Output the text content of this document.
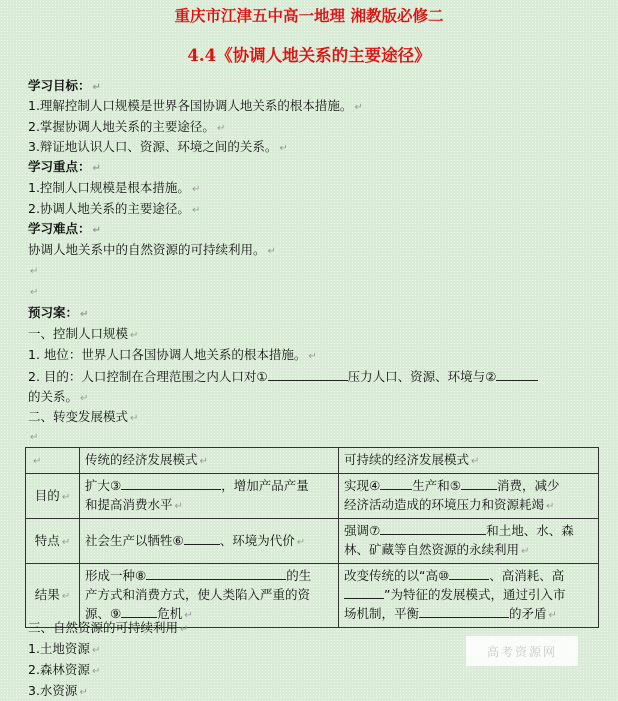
重庆市江津五中高一地理 湘教版必修二
4.4《协调人地关系的主要途径》
学习目标： ↵
1.理解控制人口规模是世界各国协调人地关系的根本措施。 ↵
2.掌握协调人地关系的主要途径。 ↵
3.辩证地认识人口、资源、环境之间的关系。 ↵
学习重点： ↵
1.控制人口规模是根本措施。 ↵
2.协调人地关系的主要途径。 ↵
学习难点： ↵
协调人地关系中的自然资源的可持续利用。 ↵
↵
↵
预习案： ↵
一、控制人口规模 ↵
1. 地位：世界人口各国协调人地关系的根本措施。 ↵
2. 目的：人口控制在合理范围之内人口对①	压力人口、资源、环境与②
的关系。 ↵
二、转变发展模式 ↵
↵
↵	传统的经济发展模式 ↵	可持续的经济发展模式 ↵
目的 ↵	扩大③ ，增加产品产量
和提高消费水平 ↵	实现④ 生产和⑤ 消费，减少
经济活动造成的环境压力和资源耗竭 ↵
特点 ↵	社会生产以牺牲⑥ 、环境为代价 ↵	强调⑦ 和土地、水、森
林、矿藏等自然资源的永续利用 ↵
结果 ↵	形成一种⑧ 的生
产方式和消费方式，使人类陷入严重的资
源、⑨ 危机 ↵	改变传统的以“高⑩ 、高消耗、高
”为特征的发展模式，通过引入市
场机制，平衡 的矛盾 ↵
三、自然资源的可持续利用 ↵
1.土地资源 ↵
2.森林资源 ↵
3.水资源 ↵
高考资源网
